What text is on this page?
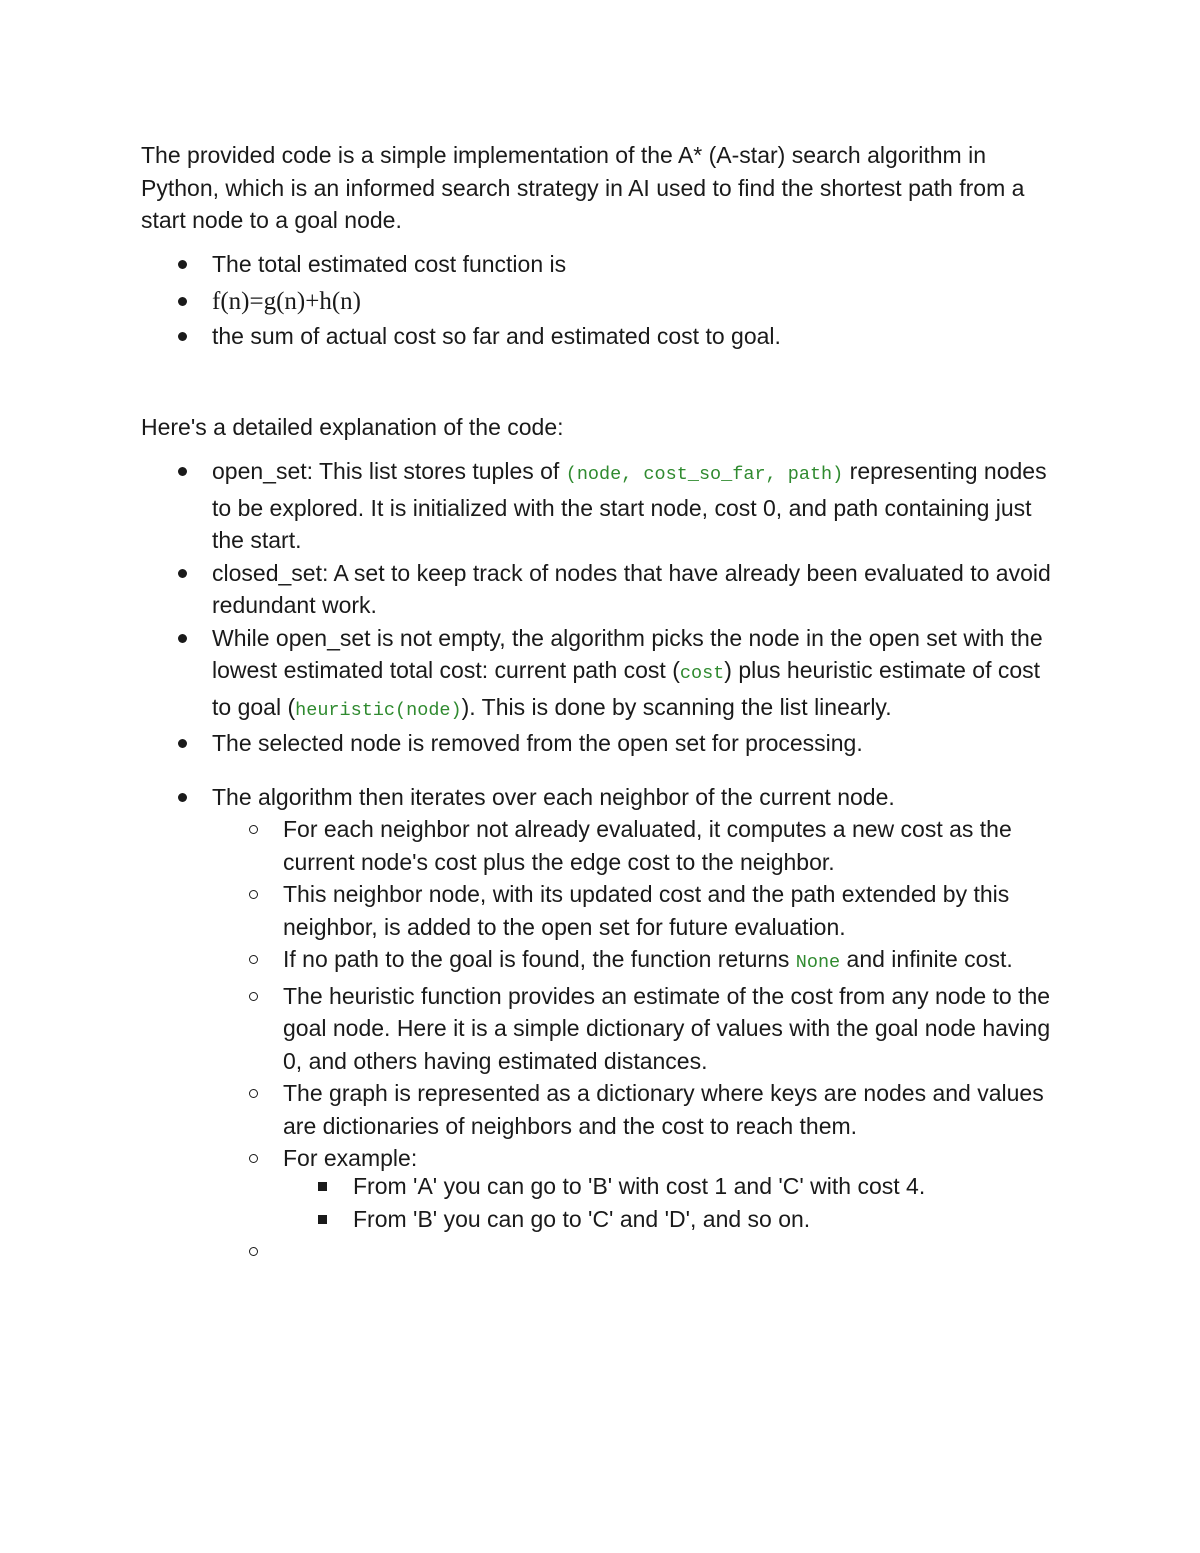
The provided code is a simple implementation of the A* (A-star) search algorithm in Python, which is an informed search strategy in AI used to find the shortest path from a start node to a goal node.

The total estimated cost function is
f(n)=g(n)+h(n)
the sum of actual cost so far and estimated cost to goal.

Here's a detailed explanation of the code:

open_set: This list stores tuples of (node, cost_so_far, path) representing nodes to be explored. It is initialized with the start node, cost 0, and path containing just the start.
closed_set: A set to keep track of nodes that have already been evaluated to avoid redundant work.
While open_set is not empty, the algorithm picks the node in the open set with the lowest estimated total cost: current path cost (cost) plus heuristic estimate of cost to goal (heuristic(node)). This is done by scanning the list linearly.
The selected node is removed from the open set for processing.
The algorithm then iterates over each neighbor of the current node.
For each neighbor not already evaluated, it computes a new cost as the current node's cost plus the edge cost to the neighbor.
This neighbor node, with its updated cost and the path extended by this neighbor, is added to the open set for future evaluation.
If no path to the goal is found, the function returns None and infinite cost.
The heuristic function provides an estimate of the cost from any node to the goal node. Here it is a simple dictionary of values with the goal node having 0, and others having estimated distances.
The graph is represented as a dictionary where keys are nodes and values are dictionaries of neighbors and the cost to reach them.
For example:
From 'A' you can go to 'B' with cost 1 and 'C' with cost 4.
From 'B' you can go to 'C' and 'D', and so on.
